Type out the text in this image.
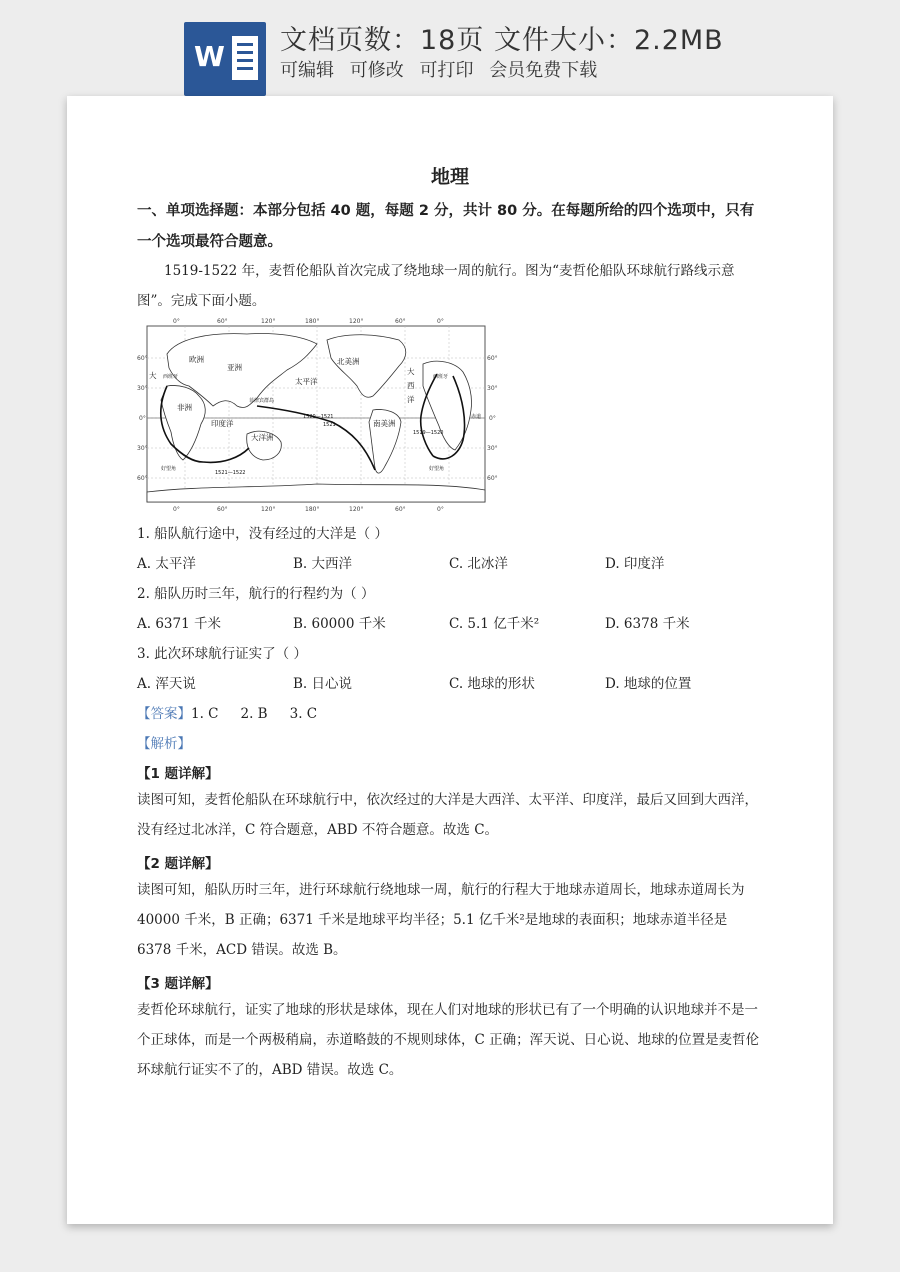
W 文档页数：18页 文件大小：2.2MB
可编辑 可修改 可打印 会员免费下载
地理
一、单项选择题：本部分包括 40 题，每题 2 分，共计 80 分。在每题所给的四个选项中，只有一个选项最符合题意。
1519-1522 年，麦哲伦船队首次完成了绕地球一周的航行。图为“麦哲伦船队环球航行路线示意图”。完成下面小题。
0°	60°	120°	180°	120°	60°	0°
0°	60°	120°	180°	120°	60°	0°
60°
30°
0°
30°
60°
60°
30°
0°
30°
60°
欧洲
亚洲
北美洲
非洲
太平洋
大
西
洋
印度洋
大洋洲
南美洲
大 西班牙	西班牙
菲律宾群岛
1520—1521
1521
好望角	好望角
1521—1522
1519—1520
赤道
1. 船队航行途中，没有经过的大洋是（ ）
A. 太平洋	B. 大西洋	C. 北冰洋	D. 印度洋
2. 船队历时三年，航行的行程约为（ ）
A. 6371 千米	B. 60000 千米	C. 5.1 亿千米²	D. 6378 千米
3. 此次环球航行证实了（ ）
A. 浑天说	B. 日心说	C. 地球的形状	D. 地球的位置
【答案】1. C 2. B 3. C
【解析】
【1 题详解】
读图可知，麦哲伦船队在环球航行中，依次经过的大洋是大西洋、太平洋、印度洋，最后又回到大西洋，没有经过北冰洋，C 符合题意，ABD 不符合题意。故选 C。
【2 题详解】
读图可知，船队历时三年，进行环球航行绕地球一周，航行的行程大于地球赤道周长，地球赤道周长为 40000 千米，B 正确；6371 千米是地球平均半径；5.1 亿千米²是地球的表面积；地球赤道半径是 6378 千米，ACD 错误。故选 B。
【3 题详解】
麦哲伦环球航行，证实了地球的形状是球体，现在人们对地球的形状已有了一个明确的认识地球并不是一个正球体，而是一个两极稍扁，赤道略鼓的不规则球体，C 正确；浑天说、日心说、地球的位置是麦哲伦环球航行证实不了的，ABD 错误。故选 C。
